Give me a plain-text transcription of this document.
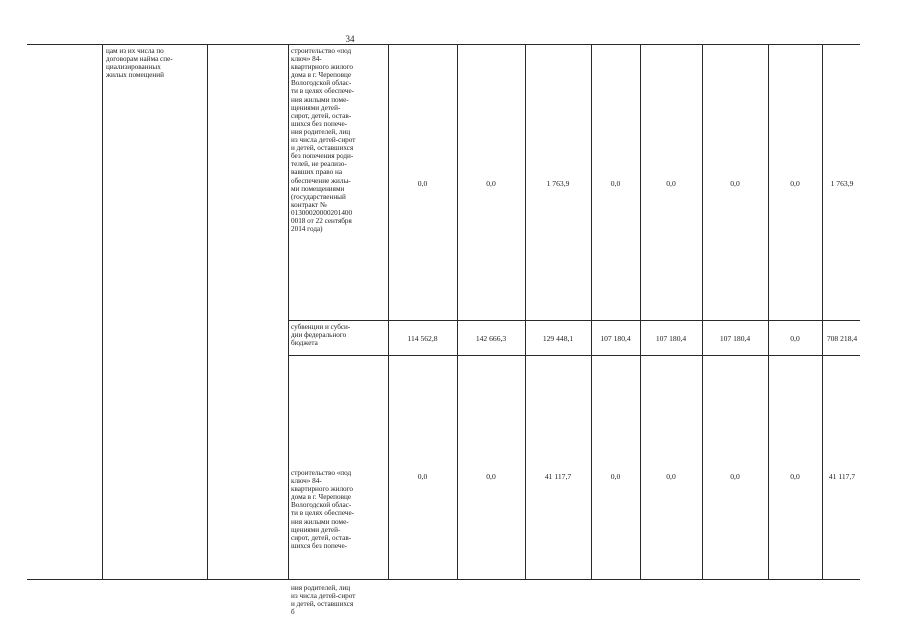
34

цам из их числа по
договорам найма спе-
циализированных
жилых помещений

строительство «под
ключ» 84-
квартирного жилого
дома в г. Череповце
Вологодской облас-
ти в целях обеспече-
ния жилыми поме-
щениями детей-
сирот, детей, остав-
шихся без попече-
ния родителей, лиц
из числа детей-сирот
и детей, оставшихся
без попечения роди-
телей, не реализо-
вавших право на
обеспечение жилы-
ми помещениями
(государственный
контракт №
01300020000201400
0018 от 22 сентября
2014 года)

0,0	0,0	1 763,9	0,0	0,0	0,0	0,0	1 763,9

субвенции и субси-
дии федерального
бюджета

114 562,8	142 666,3	129 448,1	107 180,4	107 180,4	107 180,4	0,0	708 218,4

строительство «под
ключ» 84-
квартирного жилого
дома в г. Череповце
Вологодской облас-
ти в целях обеспече-
ния жилыми поме-
щениями детей-
сирот, детей, остав-
шихся без попече-

0,0	0,0	41 117,7	0,0	0,0	0,0	0,0	41 117,7

ния родителей, лиц
из числа детей-сирот
и детей, оставшихся
б
